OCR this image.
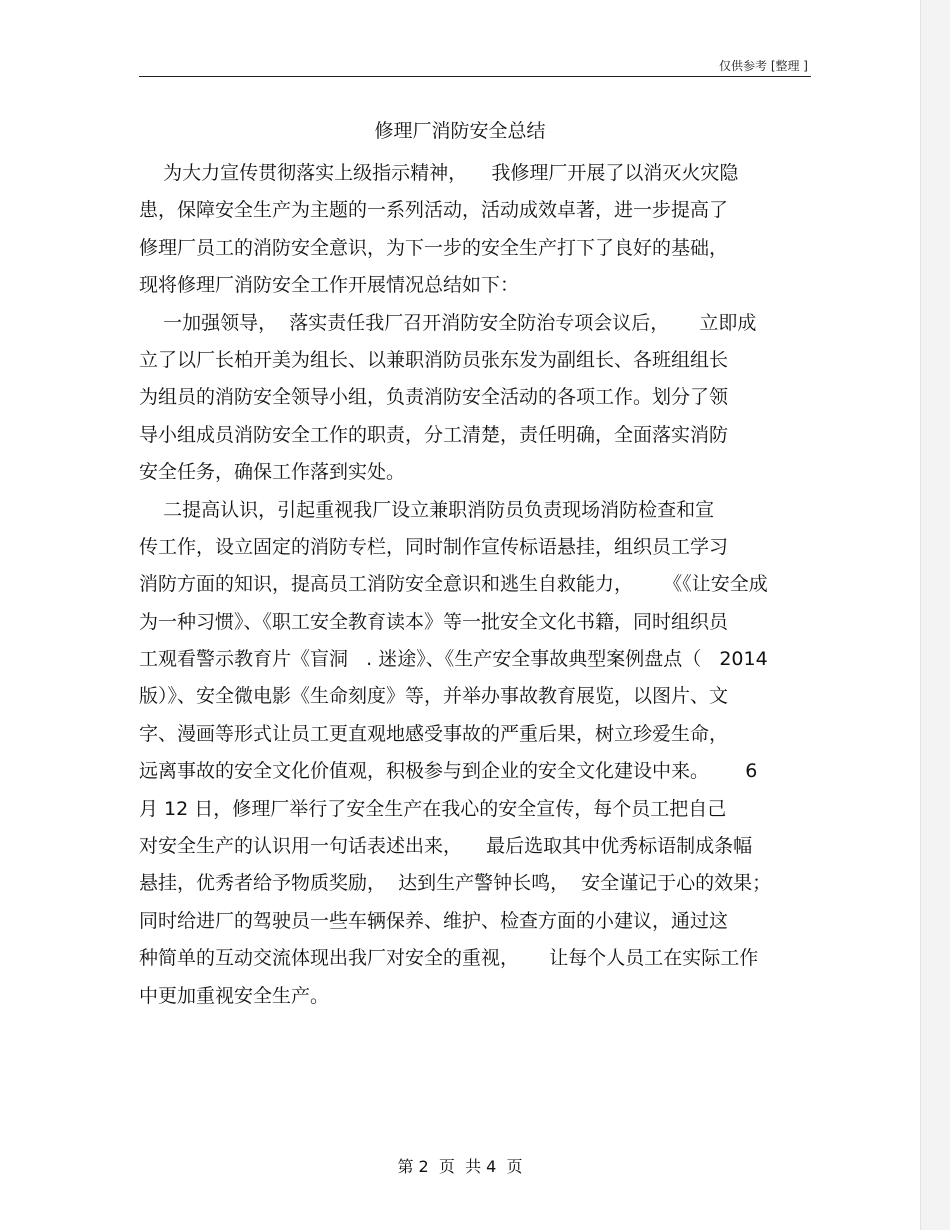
仅供参考 [整理 ]
修理厂消防安全总结
为大力宣传贯彻落实上级指示精神，    我修理厂开展了以消灭火灾隐
患，保障安全生产为主题的一系列活动，活动成效卓著，进一步提高了
修理厂员工的消防安全意识，为下一步的安全生产打下了良好的基础，
现将修理厂消防安全工作开展情况总结如下：
一加强领导，  落实责任我厂召开消防安全防治专项会议后，     立即成
立了以厂长柏开美为组长、以兼职消防员张东发为副组长、各班组组长
为组员的消防安全领导小组，负责消防安全活动的各项工作。划分了领
导小组成员消防安全工作的职责，分工清楚，责任明确，全面落实消防
安全任务，确保工作落到实处。
二提高认识，引起重视我厂设立兼职消防员负责现场消防检查和宣
传工作，设立固定的消防专栏，同时制作宣传标语悬挂，组织员工学习
消防方面的知识，提高员工消防安全意识和逃生自救能力，     《《让安全成
为一种习惯》、《职工安全教育读本》等一批安全文化书籍，同时组织员
工观看警示教育片《盲洞   . 迷途》、《生产安全事故典型案例盘点（   2014
版）》、安全微电影《生命刻度》等，并举办事故教育展览，以图片、文
字、漫画等形式让员工更直观地感受事故的严重后果，树立珍爱生命，
远离事故的安全文化价值观，积极参与到企业的安全文化建设中来。      6
月 12 日，修理厂举行了安全生产在我心的安全宣传，每个员工把自己
对安全生产的认识用一句话表述出来，    最后选取其中优秀标语制成条幅
悬挂，优秀者给予物质奖励，  达到生产警钟长鸣，  安全谨记于心的效果；
同时给进厂的驾驶员一些车辆保养、维护、检查方面的小建议，通过这
种简单的互动交流体现出我厂对安全的重视，     让每个人员工在实际工作
中更加重视安全生产。
第 2  页  共 4  页
